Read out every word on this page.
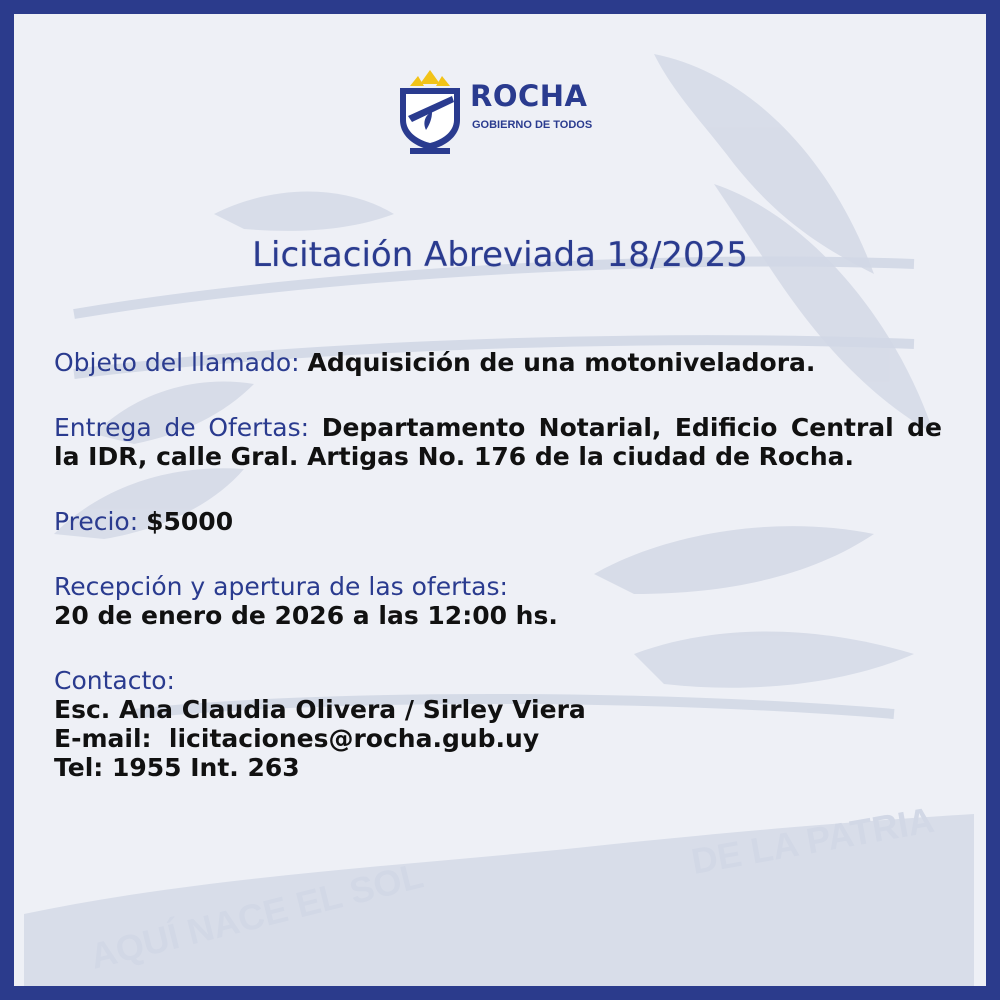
AQUÍ NACE EL SOL
DE LA PATRIA

ROCHA

GOBIERNO DE TODOS

Licitación Abreviada 18/2025

Objeto del llamado: Adquisición de una motoniveladora.

Entrega de Ofertas: Departamento Notarial, Edificio Central de la IDR, calle Gral. Artigas No. 176 de la ciudad de Rocha.

Precio: $5000

Recepción y apertura de las ofertas:
20 de enero de 2026 a las 12:00 hs.

Contacto:
Esc. Ana Claudia Olivera / Sirley Viera
E-mail:  licitaciones@rocha.gub.uy
Tel: 1955 Int. 263
